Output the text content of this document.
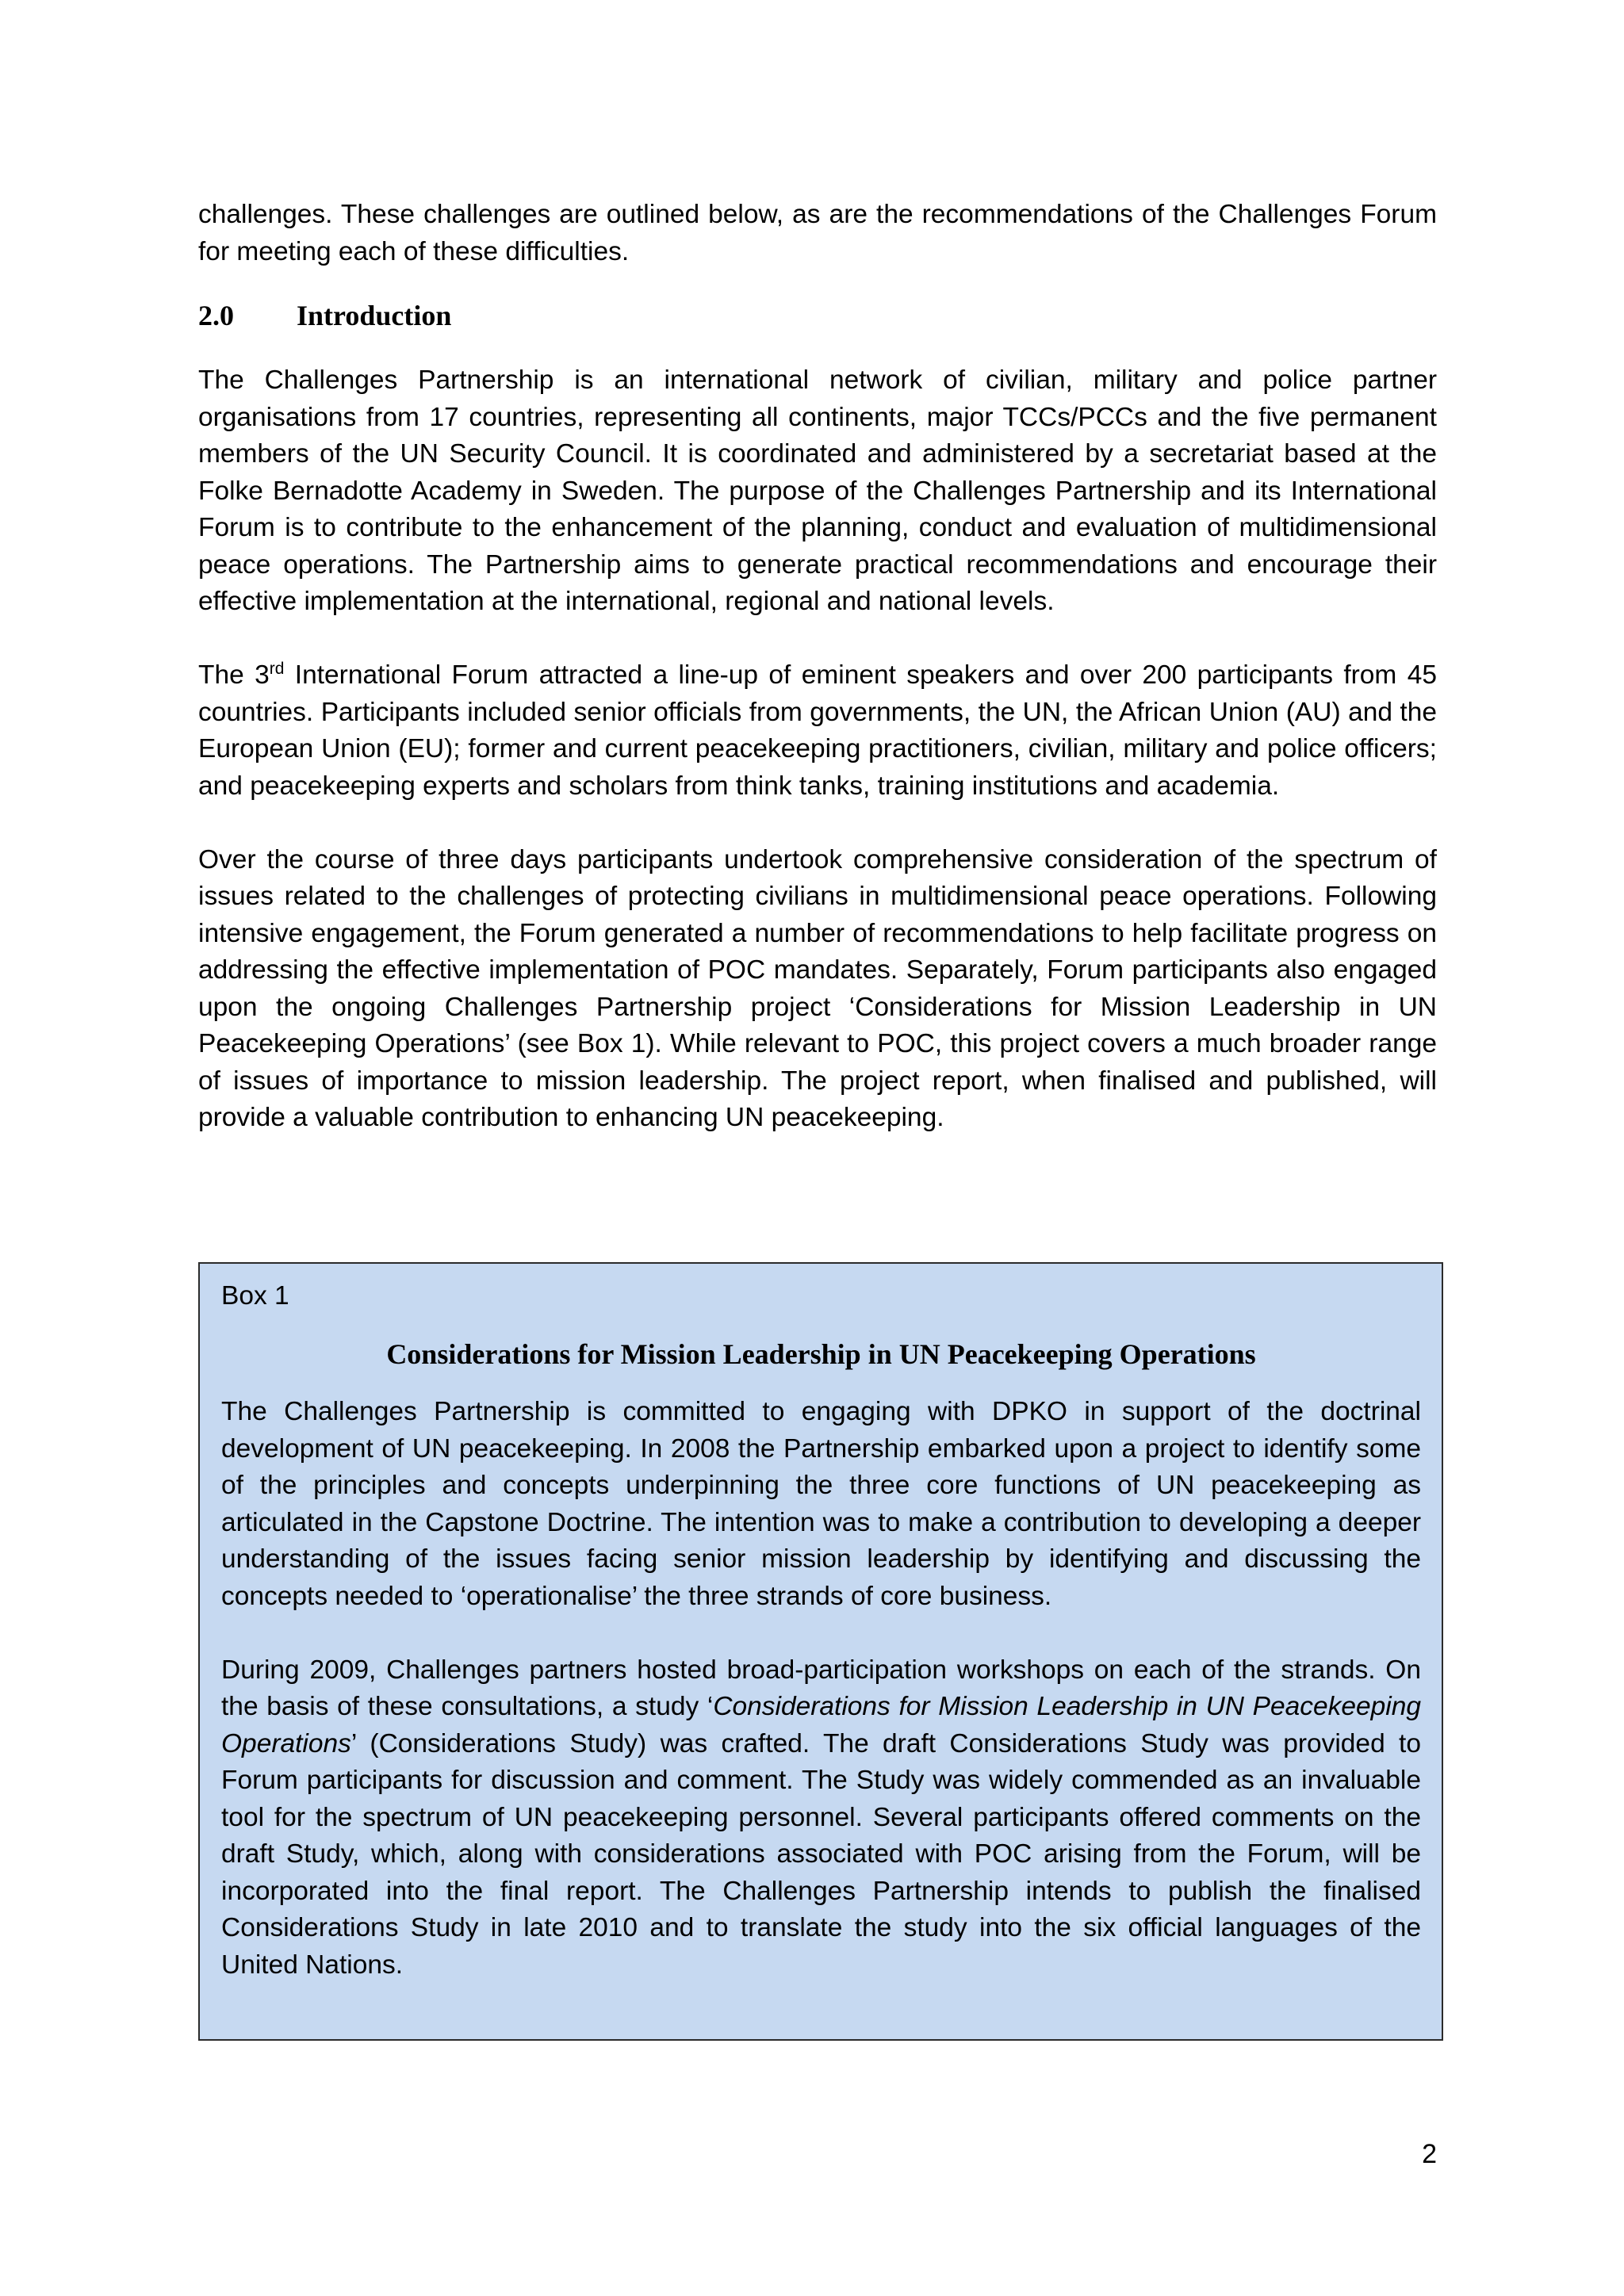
challenges. These challenges are outlined below, as are the recommendations of the Challenges Forum for meeting each of these difficulties.

2.0 Introduction

The Challenges Partnership is an international network of civilian, military and police partner organisations from 17 countries, representing all continents, major TCCs/PCCs and the five permanent members of the UN Security Council. It is coordinated and administered by a secretariat based at the Folke Bernadotte Academy in Sweden. The purpose of the Challenges Partnership and its International Forum is to contribute to the enhancement of the planning, conduct and evaluation of multidimensional peace operations. The Partnership aims to generate practical recommendations and encourage their effective implementation at the international, regional and national levels.

The 3rd International Forum attracted a line-up of eminent speakers and over 200 participants from 45 countries. Participants included senior officials from governments, the UN, the African Union (AU) and the European Union (EU); former and current peacekeeping practitioners, civilian, military and police officers; and peacekeeping experts and scholars from think tanks, training institutions and academia.

Over the course of three days participants undertook comprehensive consideration of the spectrum of issues related to the challenges of protecting civilians in multidimensional peace operations. Following intensive engagement, the Forum generated a number of recommendations to help facilitate progress on addressing the effective implementation of POC mandates. Separately, Forum participants also engaged upon the ongoing Challenges Partnership project ‘Considerations for Mission Leadership in UN Peacekeeping Operations’ (see Box 1). While relevant to POC, this project covers a much broader range of issues of importance to mission leadership. The project report, when finalised and published, will provide a valuable contribution to enhancing UN peacekeeping.

Box 1

Considerations for Mission Leadership in UN Peacekeeping Operations

The Challenges Partnership is committed to engaging with DPKO in support of the doctrinal development of UN peacekeeping. In 2008 the Partnership embarked upon a project to identify some of the principles and concepts underpinning the three core functions of UN peacekeeping as articulated in the Capstone Doctrine. The intention was to make a contribution to developing a deeper understanding of the issues facing senior mission leadership by identifying and discussing the concepts needed to ‘operationalise’ the three strands of core business.

During 2009, Challenges partners hosted broad-participation workshops on each of the strands. On the basis of these consultations, a study ‘Considerations for Mission Leadership in UN Peacekeeping Operations’ (Considerations Study) was crafted. The draft Considerations Study was provided to Forum participants for discussion and comment. The Study was widely commended as an invaluable tool for the spectrum of UN peacekeeping personnel. Several participants offered comments on the draft Study, which, along with considerations associated with POC arising from the Forum, will be incorporated into the final report. The Challenges Partnership intends to publish the finalised Considerations Study in late 2010 and to translate the study into the six official languages of the United Nations.

2
